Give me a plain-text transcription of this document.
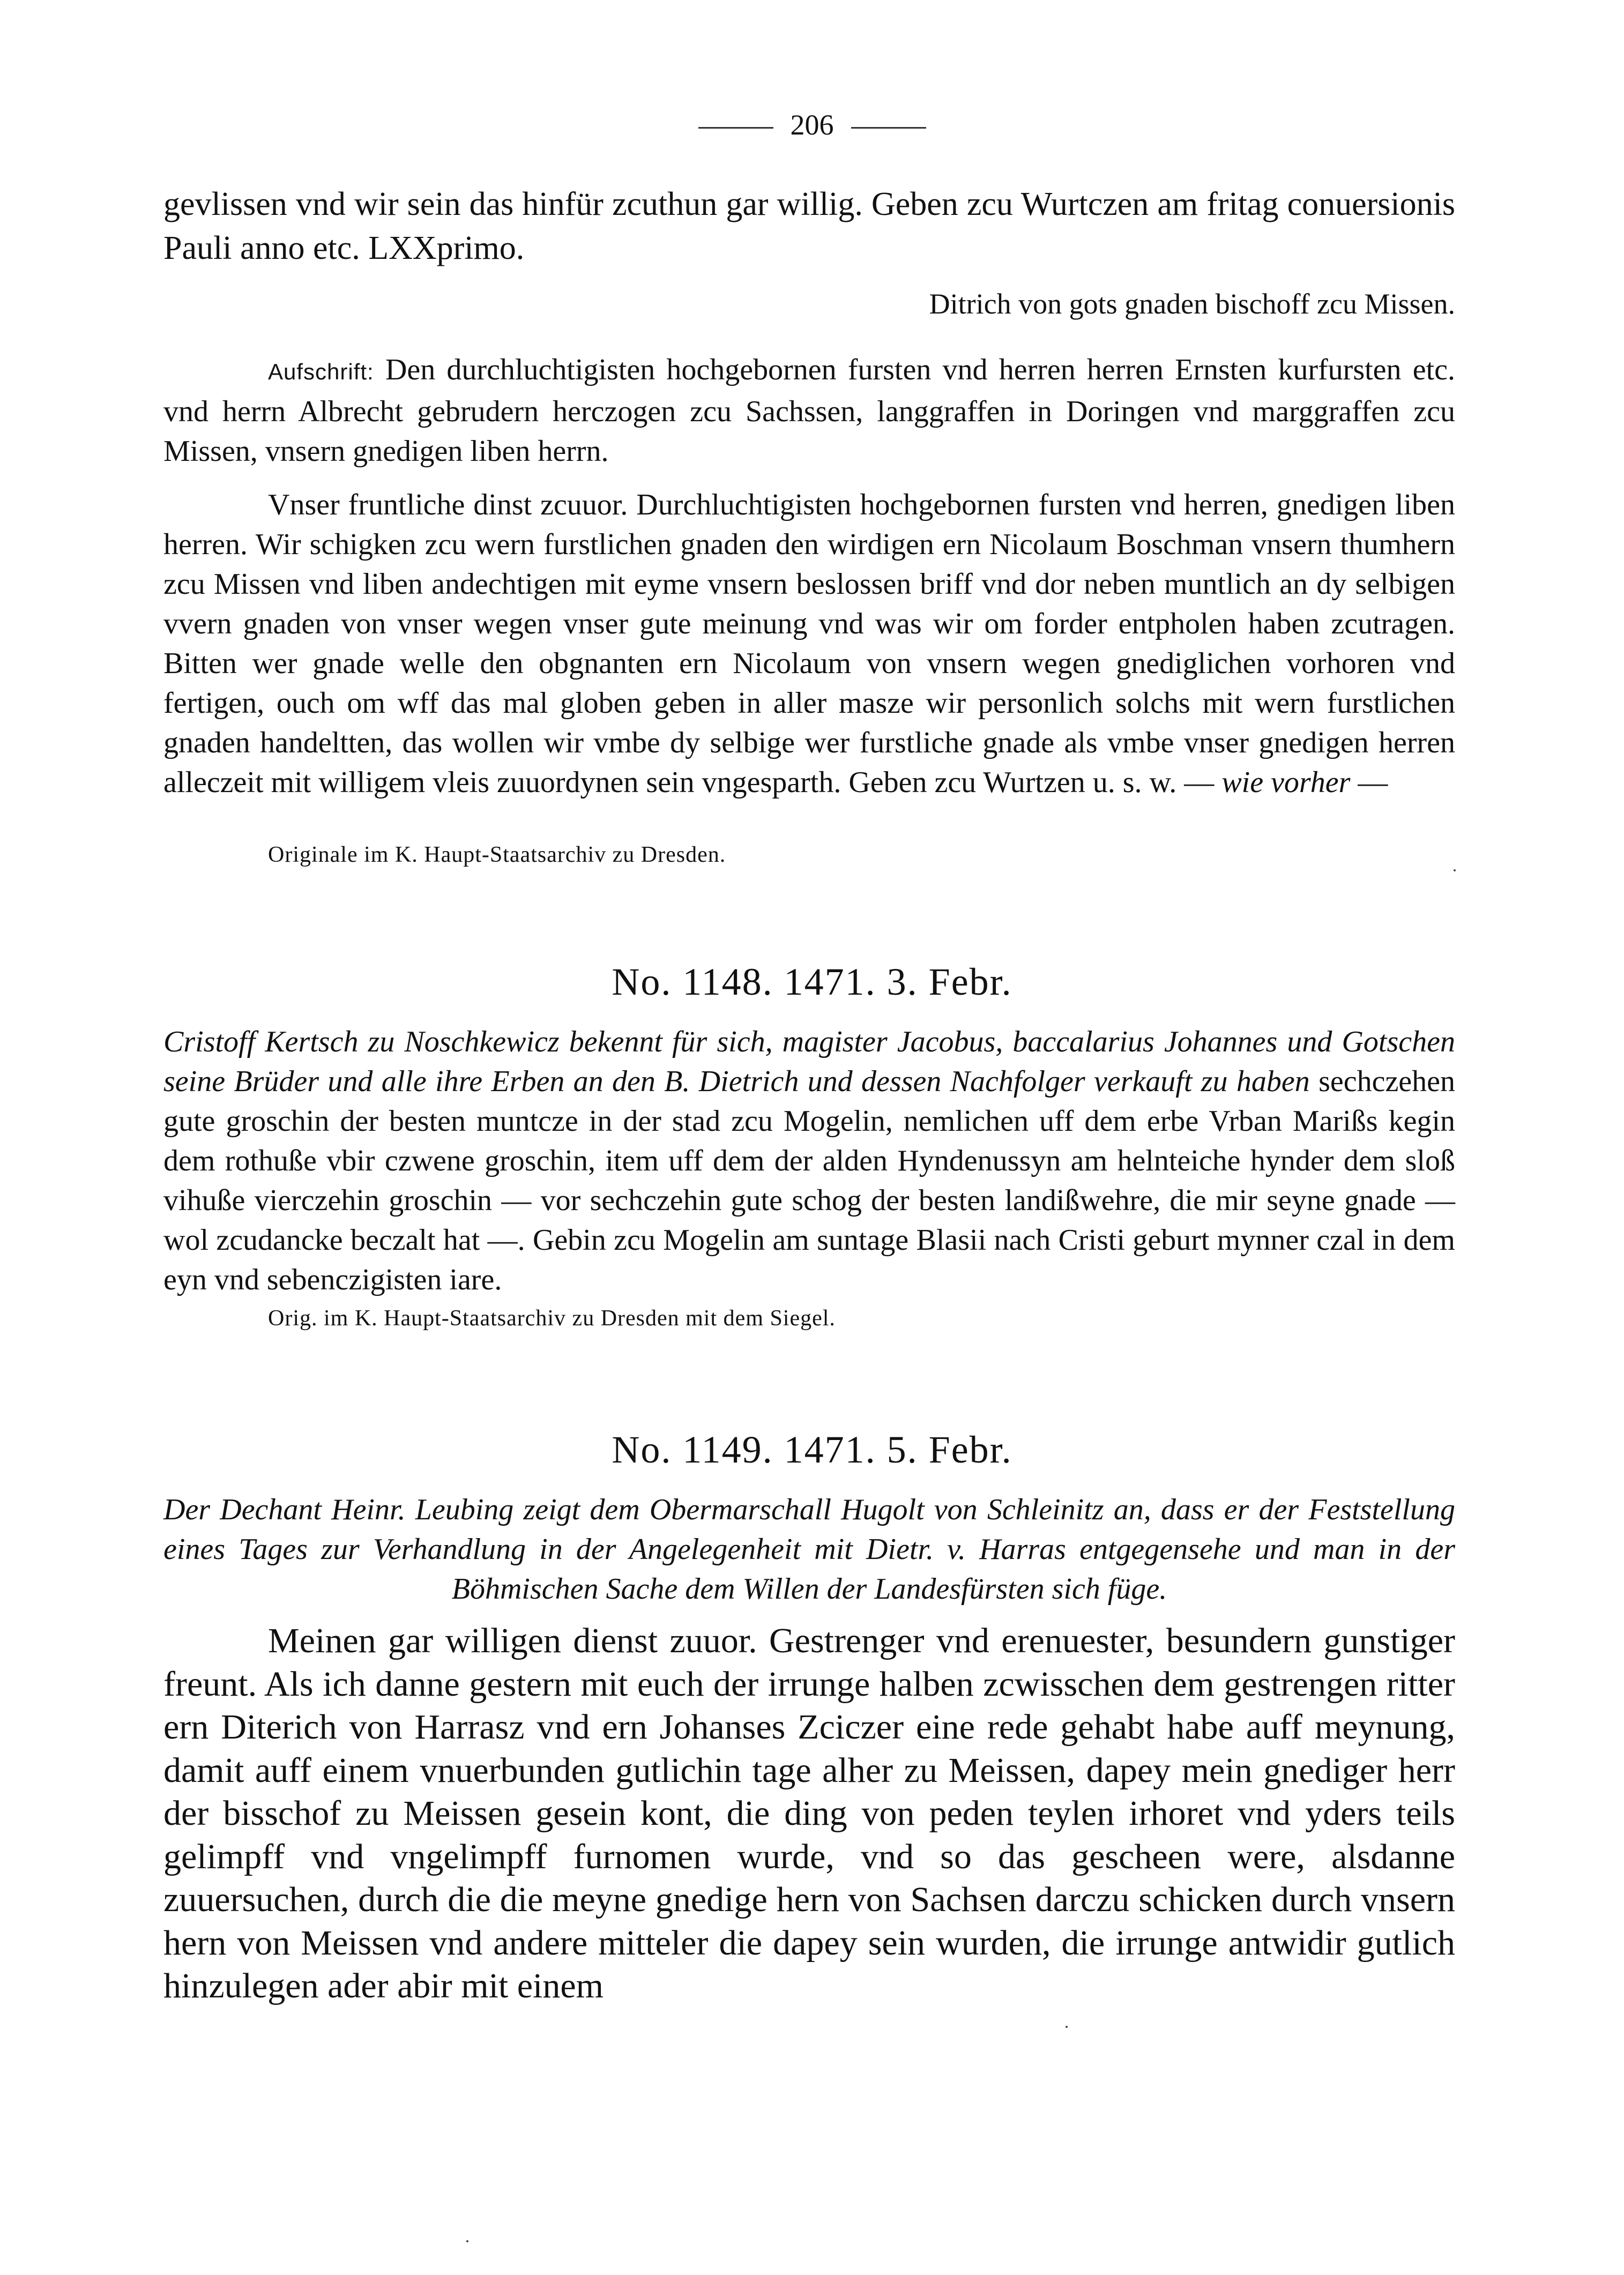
206
gevlissen vnd wir sein das hinfür zcuthun gar willig. Geben zcu Wurtczen am fritag conuersionis Pauli anno etc. LXXprimo.
Ditrich von gots gnaden bischoff zcu Missen.
Aufschrift: Den durchluchtigisten hochgebornen fursten vnd herren herren Ernsten kurfursten etc. vnd herrn Albrecht gebrudern herczogen zcu Sachssen, langgraffen in Doringen vnd marggraffen zcu Missen, vnsern gnedigen liben herrn.
Vnser fruntliche dinst zcuuor. Durchluchtigisten hochgebornen fursten vnd herren, gnedigen liben herren. Wir schigken zcu wern furstlichen gnaden den wirdigen ern Nicolaum Boschman vnsern thumhern zcu Missen vnd liben andechtigen mit eyme vnsern beslossen briff vnd dor neben muntlich an dy selbigen vvern gnaden von vnser wegen vnser gute meinung vnd was wir om forder entpholen haben zcutragen. Bitten wer gnade welle den obgnanten ern Nicolaum von vnsern wegen gnediglichen vorhoren vnd fertigen, ouch om wff das mal globen geben in aller masze wir personlich solchs mit wern furstlichen gnaden handeltten, das wollen wir vmbe dy selbige wer furstliche gnade als vmbe vnser gnedigen herren alleczeit mit willigem vleis zuuordynen sein vngesparth. Geben zcu Wurtzen u. s. w. — wie vorher —
Originale im K. Haupt-Staatsarchiv zu Dresden.
No. 1148. 1471. 3. Febr.
Cristoff Kertsch zu Noschkewicz bekennt für sich, magister Jacobus, baccalarius Johannes und Gotschen seine Brüder und alle ihre Erben an den B. Dietrich und dessen Nachfolger verkauft zu haben sechczehen gute groschin der besten muntcze in der stad zcu Mogelin, nemlichen uff dem erbe Vrban Marißs kegin dem rothuße vbir czwene groschin, item uff dem der alden Hyndenussyn am helnteiche hynder dem sloß vihuße vierczehin groschin — vor sechczehin gute schog der besten landißwehre, die mir seyne gnade — wol zcudancke beczalt hat —. Gebin zcu Mogelin am suntage Blasii nach Cristi geburt mynner czal in dem eyn vnd sebenczigisten iare.
Orig. im K. Haupt-Staatsarchiv zu Dresden mit dem Siegel.
No. 1149. 1471. 5. Febr.
Der Dechant Heinr. Leubing zeigt dem Obermarschall Hugolt von Schleinitz an, dass er der Feststellung eines Tages zur Verhandlung in der Angelegenheit mit Dietr. v. Harras entgegensehe und man in der Böhmischen Sache dem Willen der Landesfürsten sich füge.
Meinen gar willigen dienst zuuor. Gestrenger vnd erenuester, besundern gunstiger freunt. Als ich danne gestern mit euch der irrunge halben zcwisschen dem gestrengen ritter ern Diterich von Harrasz vnd ern Johanses Zciczer eine rede gehabt habe auff meynung, damit auff einem vnuerbunden gutlichin tage alher zu Meissen, dapey mein gnediger herr der bisschof zu Meissen gesein kont, die ding von peden teylen irhoret vnd yders teils gelimpff vnd vngelimpff furnomen wurde, vnd so das gescheen were, alsdanne zuuersuchen, durch die die meyne gnedige hern von Sachsen darczu schicken durch vnsern hern von Meissen vnd andere mitteler die dapey sein wurden, die irrunge antwidir gutlich hinzulegen ader abir mit einem
